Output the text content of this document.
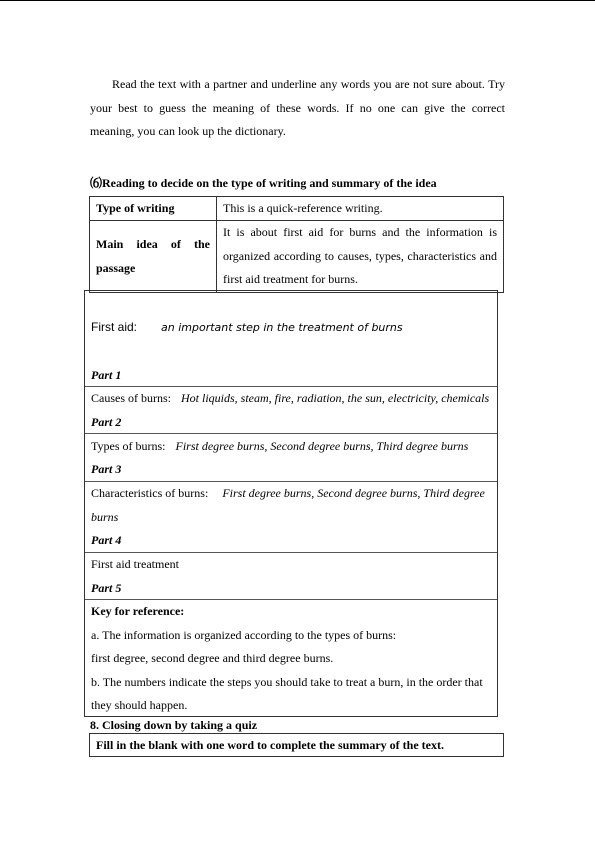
Read the text with a partner and underline any words you are not sure about. Try your best to guess the meaning of these words. If no one can give the correct meaning, you can look up the dictionary.

⑹Reading to decide on the type of writing and summary of the idea

Type of writing	This is a quick-reference writing.

Main idea of the passage	It is about first aid for burns and the information is organized according to causes, types, characteristics and first aid treatment for burns.
First aid: an important step in the treatment of burns
Part 1
Causes of burns: Hot liquids, steam, fire, radiation, the sun, electricity, chemicals
Part 2
Types of burns: First degree burns, Second degree burns, Third degree burns
Part 3
Characteristics of burns: First degree burns, Second degree burns, Third degree
burns
Part 4
First aid treatment
Part 5
Key for reference:
a. The information is organized according to the types of burns:
first degree, second degree and third degree burns.
b. The numbers indicate the steps you should take to treat a burn, in the order that
they should happen.

8. Closing down by taking a quiz

Fill in the blank with one word to complete the summary of the text.
